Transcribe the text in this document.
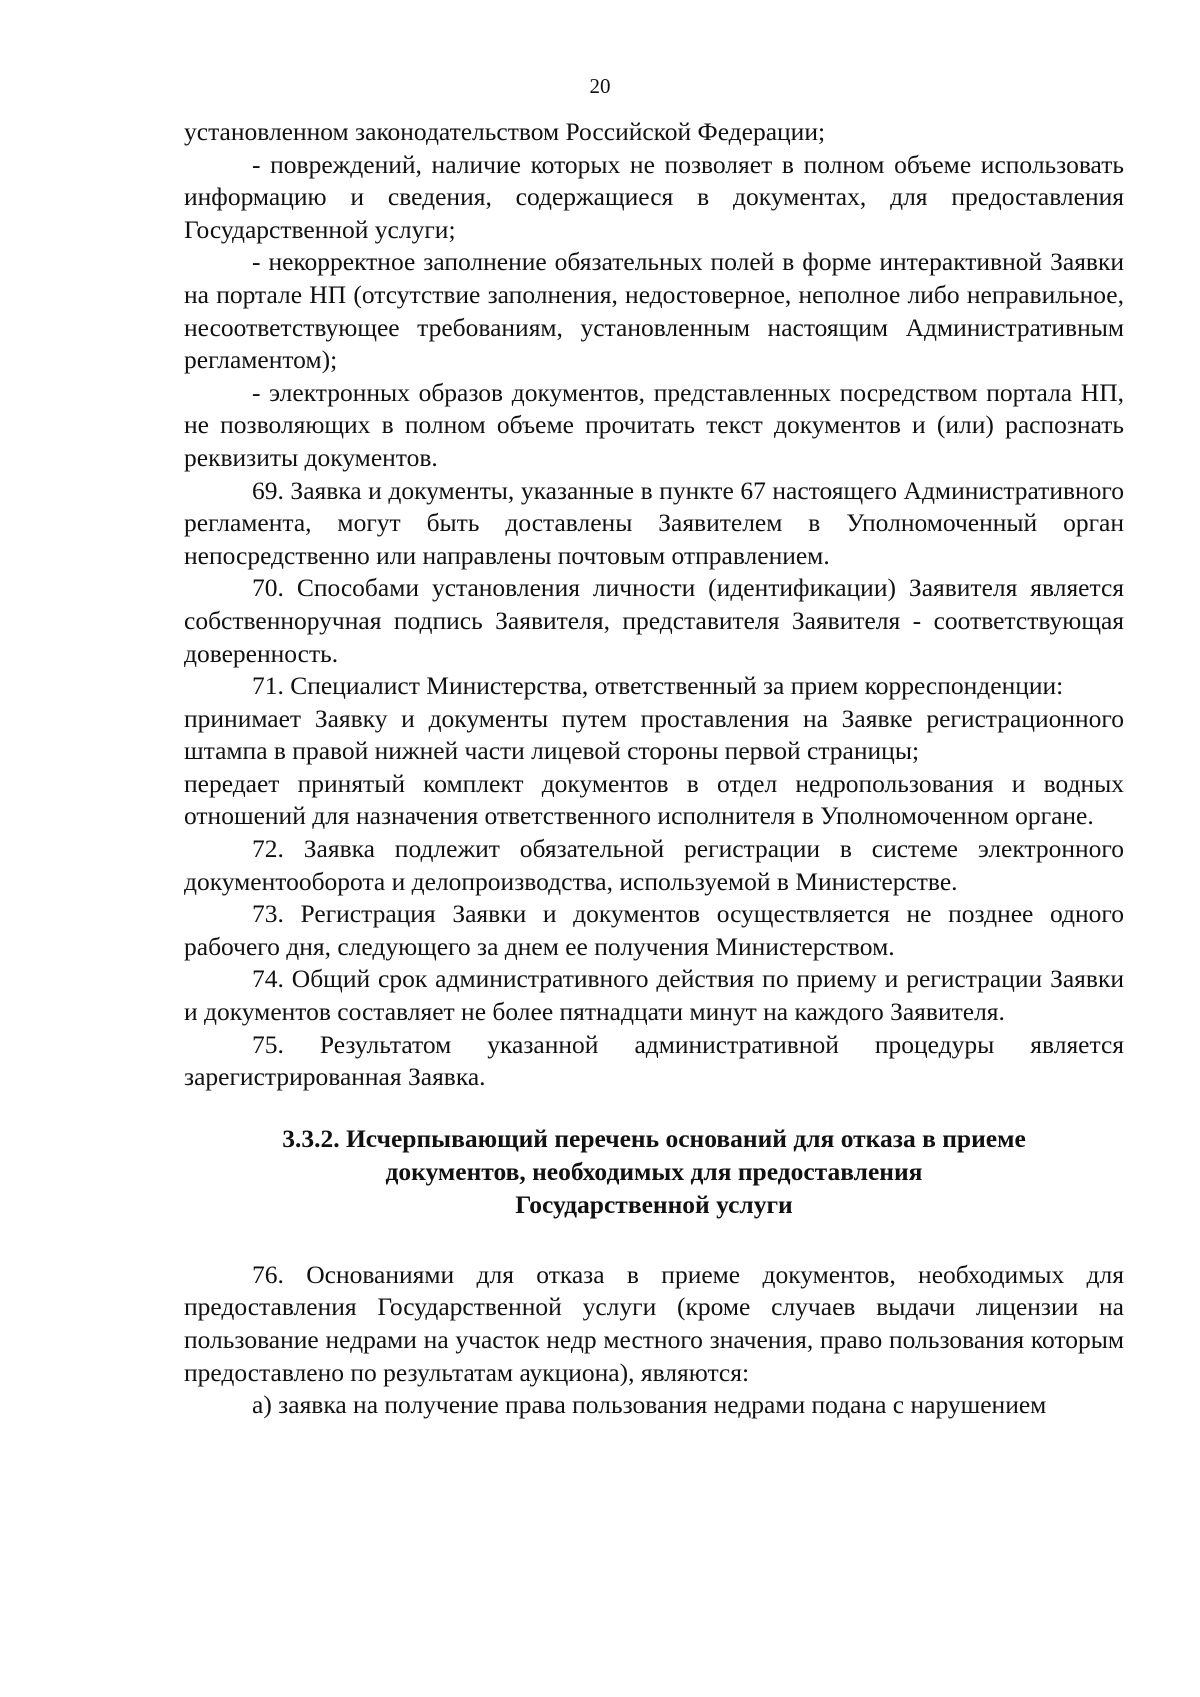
20

установленном законодательством Российской Федерации;

- повреждений, наличие которых не позволяет в полном объеме использовать информацию и сведения, содержащиеся в документах, для предоставления Государственной услуги;

- некорректное заполнение обязательных полей в форме интерактивной Заявки на портале НП (отсутствие заполнения, недостоверное, неполное либо неправильное, несоответствующее требованиям, установленным настоящим Административным регламентом);

- электронных образов документов, представленных посредством портала НП, не позволяющих в полном объеме прочитать текст документов и (или) распознать реквизиты документов.

69. Заявка и документы, указанные в пункте 67 настоящего Административного регламента, могут быть доставлены Заявителем в Уполномоченный орган непосредственно или направлены почтовым отправлением.

70. Способами установления личности (идентификации) Заявителя является собственноручная подпись Заявителя, представителя Заявителя - соответствующая доверенность.

71. Специалист Министерства, ответственный за прием корреспонденции:

принимает Заявку и документы путем проставления на Заявке регистрационного штампа в правой нижней части лицевой стороны первой страницы;

передает принятый комплект документов в отдел недропользования и водных отношений для назначения ответственного исполнителя в Уполномоченном органе.

72. Заявка подлежит обязательной регистрации в системе электронного документооборота и делопроизводства, используемой в Министерстве.

73. Регистрация Заявки и документов осуществляется не позднее одного рабочего дня, следующего за днем ее получения Министерством.

74. Общий срок административного действия по приему и регистрации Заявки и документов составляет не более пятнадцати минут на каждого Заявителя.

75. Результатом указанной административной процедуры является зарегистрированная Заявка.

3.3.2. Исчерпывающий перечень оснований для отказа в приеме
документов, необходимых для предоставления
Государственной услуги

76. Основаниями для отказа в приеме документов, необходимых для предоставления Государственной услуги (кроме случаев выдачи лицензии на пользование недрами на участок недр местного значения, право пользования которым предоставлено по результатам аукциона), являются:

а) заявка на получение права пользования недрами подана с нарушением
